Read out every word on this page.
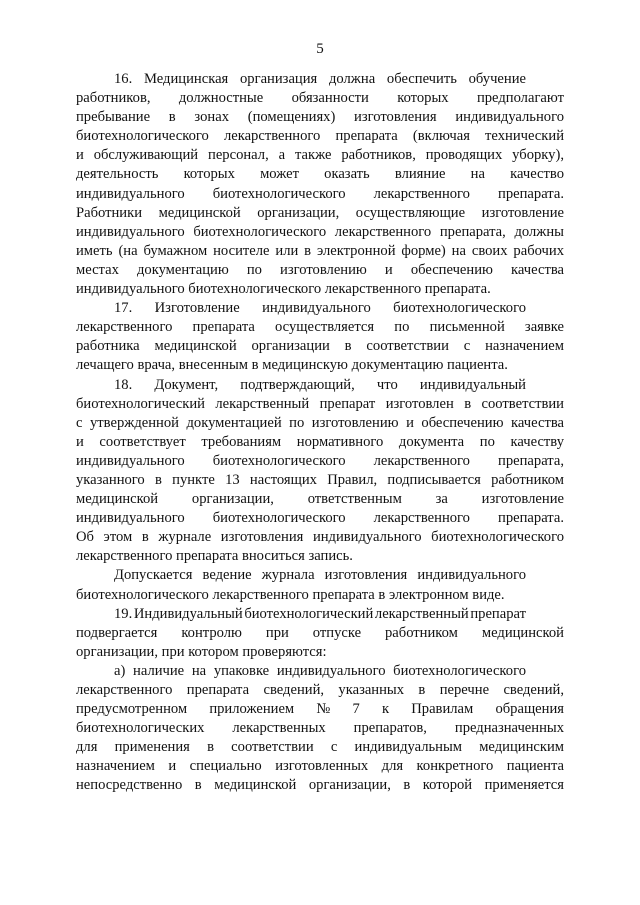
5

16. Медицинская организация должна обеспечить обучение
работников, должностные обязанности которых предполагают
пребывание в зонах (помещениях) изготовления индивидуального
биотехнологического лекарственного препарата (включая технический
и обслуживающий персонал, а также работников, проводящих уборку),
деятельность которых может оказать влияние на качество
индивидуального биотехнологического лекарственного препарата.
Работники медицинской организации, осуществляющие изготовление
индивидуального биотехнологического лекарственного препарата, должны
иметь (на бумажном носителе или в электронной форме) на своих рабочих
местах документацию по изготовлению и обеспечению качества
индивидуального биотехнологического лекарственного препарата.

17. Изготовление индивидуального биотехнологического
лекарственного препарата осуществляется по письменной заявке
работника медицинской организации в соответствии с назначением
лечащего врача, внесенным в медицинскую документацию пациента.

18. Документ, подтверждающий, что индивидуальный
биотехнологический лекарственный препарат изготовлен в соответствии
с утвержденной документацией по изготовлению и обеспечению качества
и соответствует требованиям нормативного документа по качеству
индивидуального биотехнологического лекарственного препарата,
указанного в пункте 13 настоящих Правил, подписывается работником
медицинской организации, ответственным за изготовление
индивидуального биотехнологического лекарственного препарата.
Об этом в журнале изготовления индивидуального биотехнологического
лекарственного препарата вноситься запись.

Допускается ведение журнала изготовления индивидуального
биотехнологического лекарственного препарата в электронном виде.

19. Индивидуальный биотехнологический лекарственный препарат
подвергается контролю при отпуске работником медицинской
организации, при котором проверяются:

а) наличие на упаковке индивидуального биотехнологического
лекарственного препарата сведений, указанных в перечне сведений,
предусмотренном приложением № 7 к Правилам обращения
биотехнологических лекарственных препаратов, предназначенных
для применения в соответствии с индивидуальным медицинским
назначением и специально изготовленных для конкретного пациента
непосредственно в медицинской организации, в которой применяется
